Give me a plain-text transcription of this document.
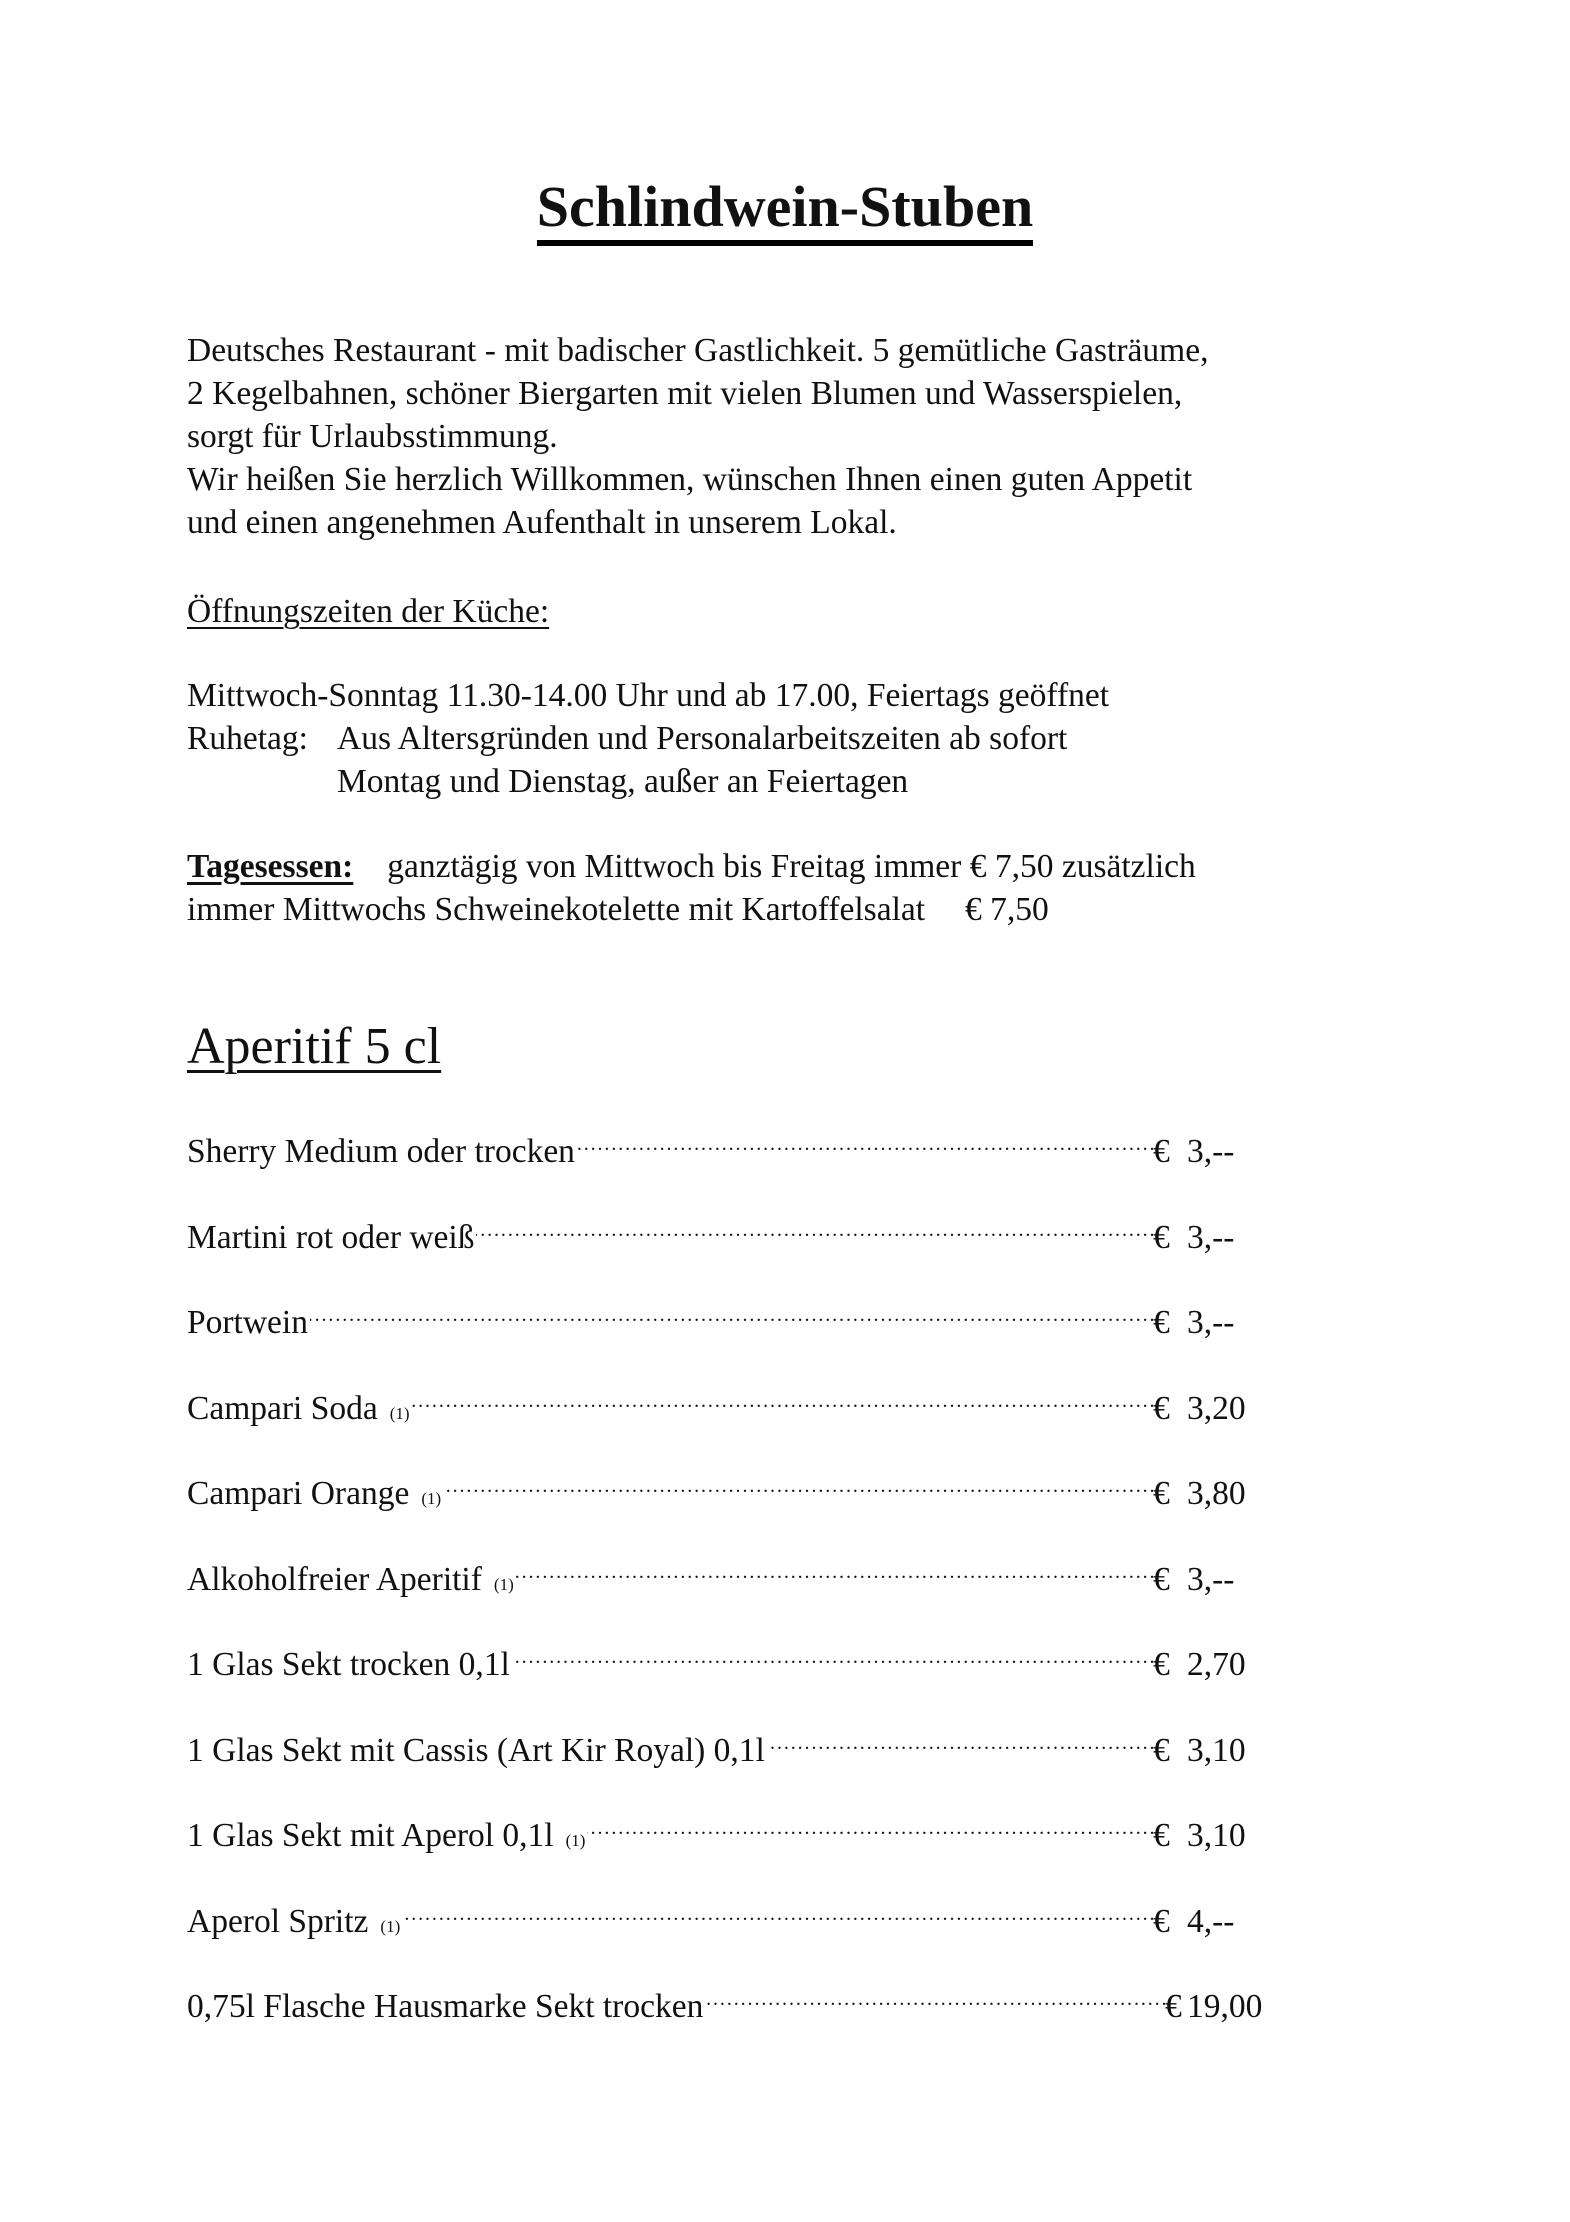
Schlindwein-Stuben
Deutsches Restaurant - mit badischer Gastlichkeit. 5 gemütliche Gasträume,
2 Kegelbahnen, schöner Biergarten mit vielen Blumen und Wasserspielen,
sorgt für Urlaubsstimmung.
Wir heißen Sie herzlich Willkommen, wünschen Ihnen einen guten Appetit
und einen angenehmen Aufenthalt in unserem Lokal.
Öffnungszeiten der Küche:
Mittwoch-Sonntag 11.30-14.00 Uhr und ab 17.00, Feiertags geöffnet
Ruhetag: Aus Altersgründen und Personalarbeitszeiten ab sofort
Montag und Dienstag, außer an Feiertagen
Tagesessen: ganztägig von Mittwoch bis Freitag immer € 7,50 zusätzlich
immer Mittwochs Schweinekotelette mit Kartoffelsalat € 7,50
Aperitif 5 cl
Sherry Medium oder trocken . . .	€ 3,--
Martini rot oder weiß . . .	€ 3,--
Portwein . . .	€ 3,--
Campari Soda (1) . . .	€ 3,20
Campari Orange (1) . . .	€ 3,80
Alkoholfreier Aperitif (1) . . .	€ 3,--
1 Glas Sekt trocken 0,1l . . .	€ 2,70
1 Glas Sekt mit Cassis (Art Kir Royal) 0,1l . . .	€ 3,10
1 Glas Sekt mit Aperol 0,1l (1) . . .	€ 3,10
Aperol Spritz (1) . . .	€ 4,--
0,75l Flasche Hausmarke Sekt trocken . . .	€ 19,00
